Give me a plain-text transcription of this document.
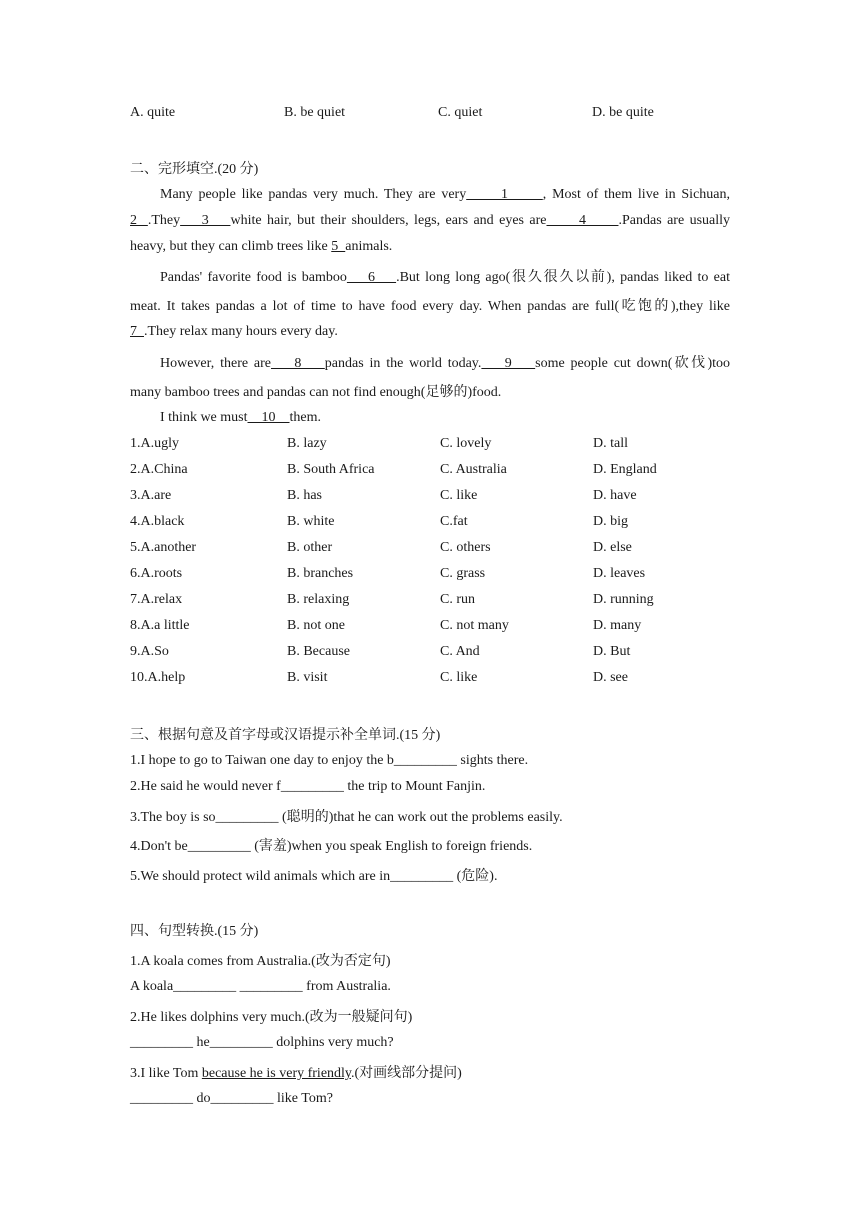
A. quite	B. be quiet	C. quiet	D. be quite
二、完形填空.(20 分)
Many people like pandas very much. They are very      1      , Most of them live in Sichuan,
2  .They    3    white hair, but their shoulders, legs, ears and eyes are      4      .Pandas are usually
heavy, but they can climb trees like 5  animals.
Pandas' favorite food is bamboo    6    .But long long ago(很久很久以前), pandas liked to eat
meat. It takes pandas a lot of time to have food every day. When pandas are full(吃饱的),they like
7  .They relax many hours every day.
However, there are    8    pandas in the world today.    9    some people cut down(砍伐)too
many bamboo trees and pandas can not find enough(足够的)food.
I think we must    10    them.
1.A.ugly	B. lazy	C. lovely	D. tall
2.A.China	B. South Africa	C. Australia	D. England
3.A.are	B. has	C. like	D. have
4.A.black	B. white	C.fat	D. big
5.A.another	B. other	C. others	D. else
6.A.roots	B. branches	C. grass	D. leaves
7.A.relax	B. relaxing	C. run	D. running
8.A.a little	B. not one	C. not many	D. many
9.A.So	B. Because	C. And	D. But
10.A.help	B. visit	C. like	D. see
三、根据句意及首字母或汉语提示补全单词.(15 分)
1.I hope to go to Taiwan one day to enjoy the b_________ sights there.
2.He said he would never f_________ the trip to Mount Fanjin.
3.The boy is so_________ (聪明的)that he can work out the problems easily.
4.Don't be_________ (害羞)when you speak English to foreign friends.
5.We should protect wild animals which are in_________ (危险).
四、句型转换.(15 分)
1.A koala comes from Australia.(改为否定句)
A koala_________ _________ from Australia.
2.He likes dolphins very much.(改为一般疑问句)
_________ he_________ dolphins very much?
3.I like Tom because he is very friendly.(对画线部分提问)
_________ do_________ like Tom?
